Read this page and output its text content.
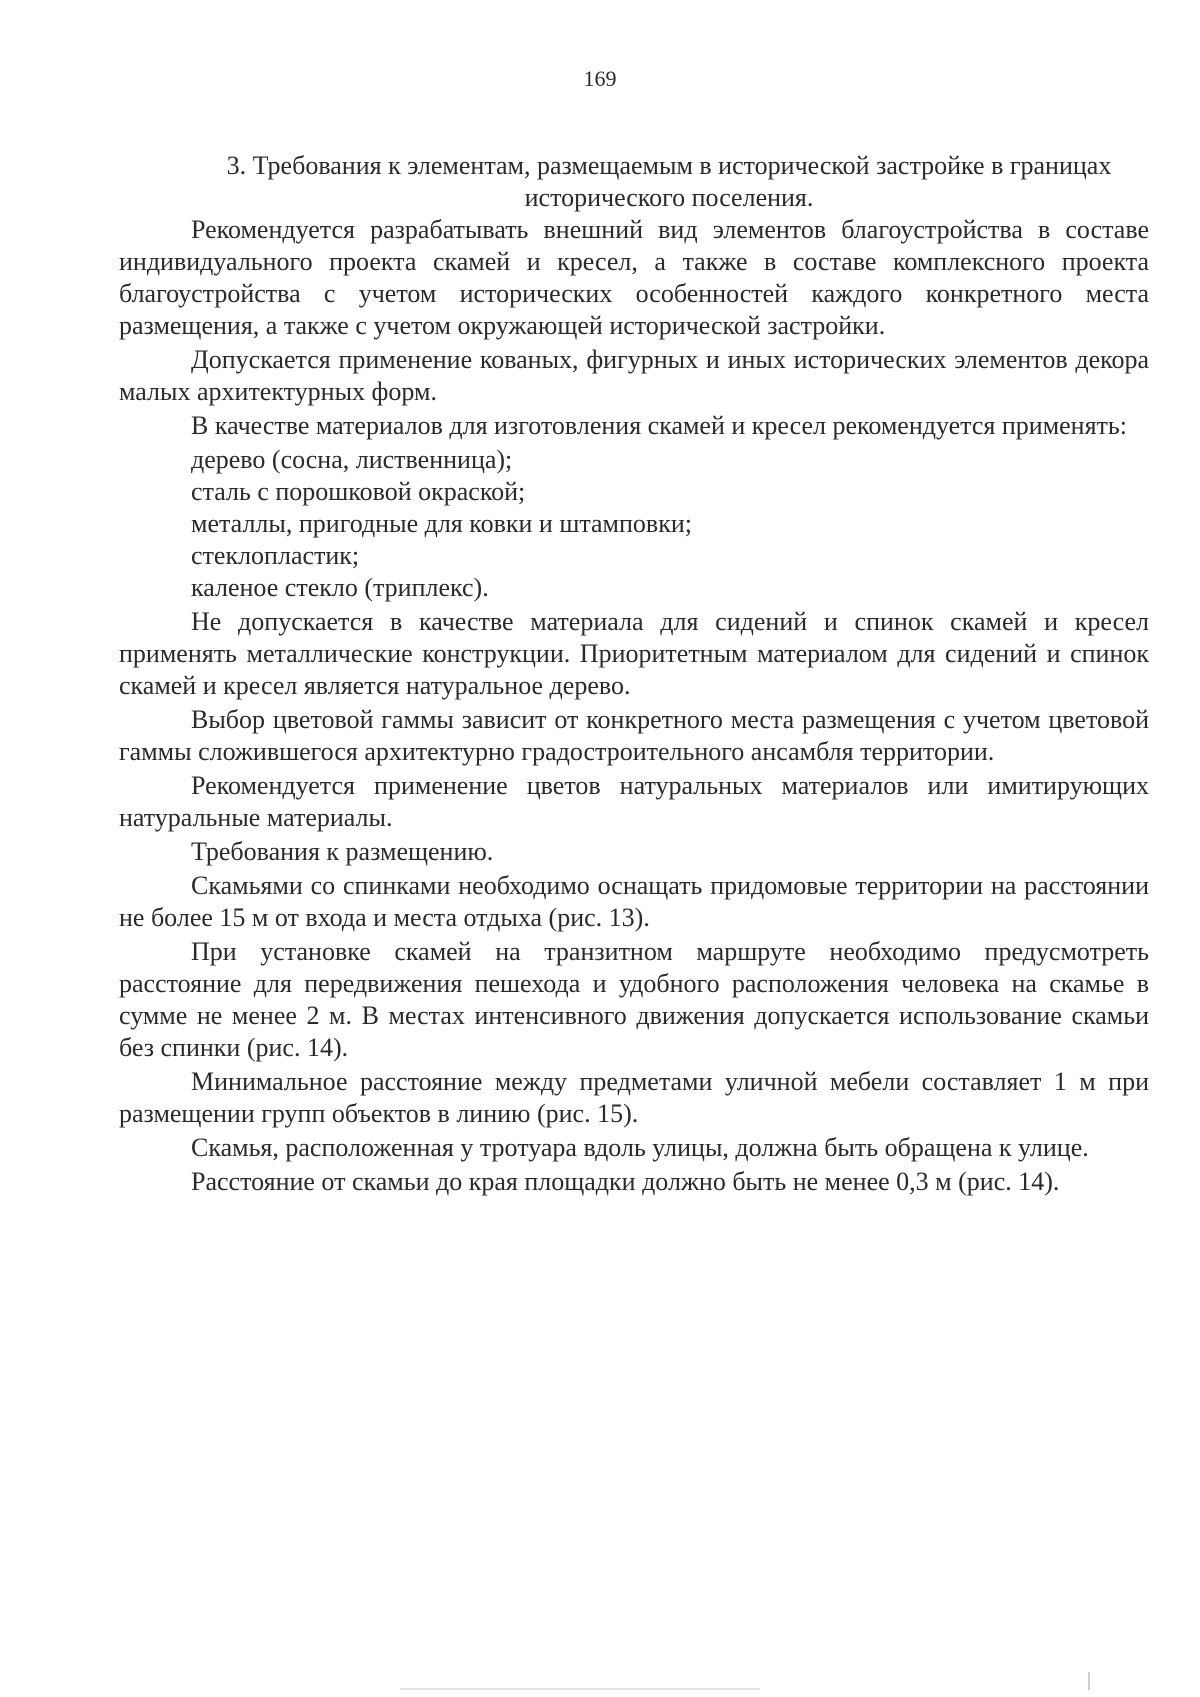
169

3. Требования к элементам, размещаемым в исторической застройке в границах исторического поселения.

Рекомендуется разрабатывать внешний вид элементов благоустройства в составе индивидуального проекта скамей и кресел, а также в составе комплексного проекта благоустройства с учетом исторических особенностей каждого конкретного места размещения, а также с учетом окружающей исторической застройки.

Допускается применение кованых, фигурных и иных исторических элементов декора малых архитектурных форм.

В качестве материалов для изготовления скамей и кресел рекомендуется применять:

дерево (сосна, лиственница);

сталь с порошковой окраской;

металлы, пригодные для ковки и штамповки;

стеклопластик;

каленое стекло (триплекс).

Не допускается в качестве материала для сидений и спинок скамей и кресел применять металлические конструкции. Приоритетным материалом для сидений и спинок скамей и кресел является натуральное дерево.

Выбор цветовой гаммы зависит от конкретного места размещения с учетом цветовой гаммы сложившегося архитектурно градостроительного ансамбля территории.

Рекомендуется применение цветов натуральных материалов или имитирующих натуральные материалы.

Требования к размещению.

Скамьями со спинками необходимо оснащать придомовые территории на расстоянии не более 15 м от входа и места отдыха (рис. 13).

При установке скамей на транзитном маршруте необходимо предусмотреть расстояние для передвижения пешехода и удобного расположения человека на скамье в сумме не менее 2 м. В местах интенсивного движения допускается использование скамьи без спинки (рис. 14).

Минимальное расстояние между предметами уличной мебели составляет 1 м при размещении групп объектов в линию (рис. 15).

Скамья, расположенная у тротуара вдоль улицы, должна быть обращена к улице.

Расстояние от скамьи до края площадки должно быть не менее 0,3 м (рис. 14).
